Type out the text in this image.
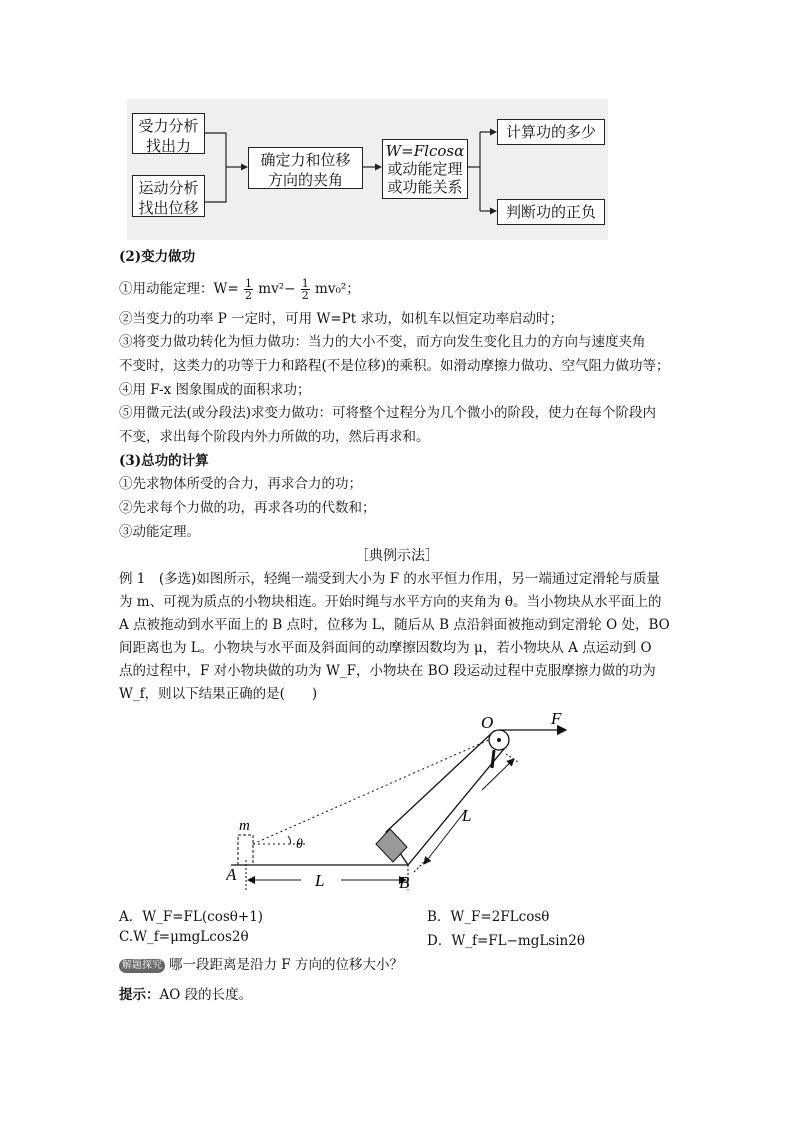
受力分析
找出力
运动分析
找出位移
确定力和位移
方向的夹角
W=Flcosα
或动能定理
或功能关系
计算功的多少
判断功的正负
(2)变力做功
①用动能定理：$W= \frac{1}{2} mv^2- \frac{1}{2} mv_0^2$；
②当变力的功率 P 一定时，可用 W=Pt 求功，如机车以恒定功率启动时；
③将变力做功转化为恒力做功：当力的大小不变，而方向发生变化且力的方向与速度夹角
不变时，这类力的功等于力和路程(不是位移)的乘积。如滑动摩擦力做功、空气阻力做功等；
④用 F-x 图象围成的面积求功；
⑤用微元法(或分段法)求变力做功：可将整个过程分为几个微小的阶段，使力在每个阶段内
不变，求出每个阶段内外力所做的功，然后再求和。
(3)总功的计算
①先求物体所受的合力，再求合力的功；
②先求每个力做的功，再求各功的代数和；
③动能定理。
［典例示法］
例 1　(多选)如图所示，轻绳一端受到大小为 F 的水平恒力作用，另一端通过定滑轮与质量
为 m、可视为质点的小物块相连。开始时绳与水平方向的夹角为 θ。当小物块从水平面上的
A 点被拖动到水平面上的 B 点时，位移为 L，随后从 B 点沿斜面被拖动到定滑轮 O 处，BO
间距离也为 L。小物块与水平面及斜面间的动摩擦因数均为 μ，若小物块从 A 点运动到 O
点的过程中，F 对小物块做的功为 W_F，小物块在 BO 段运动过程中克服摩擦力做的功为
W_f，则以下结果正确的是(　　)
O	F
m
θ
A	B
L
L
A．W_F=FL(cosθ+1)	B．W_F=2FLcosθ
C.W_f=μmgLcos2θ	D．W_f=FL−mgLsin2θ
解题探究 哪一段距离是沿力 F 方向的位移大小？
提示：AO 段的长度。
